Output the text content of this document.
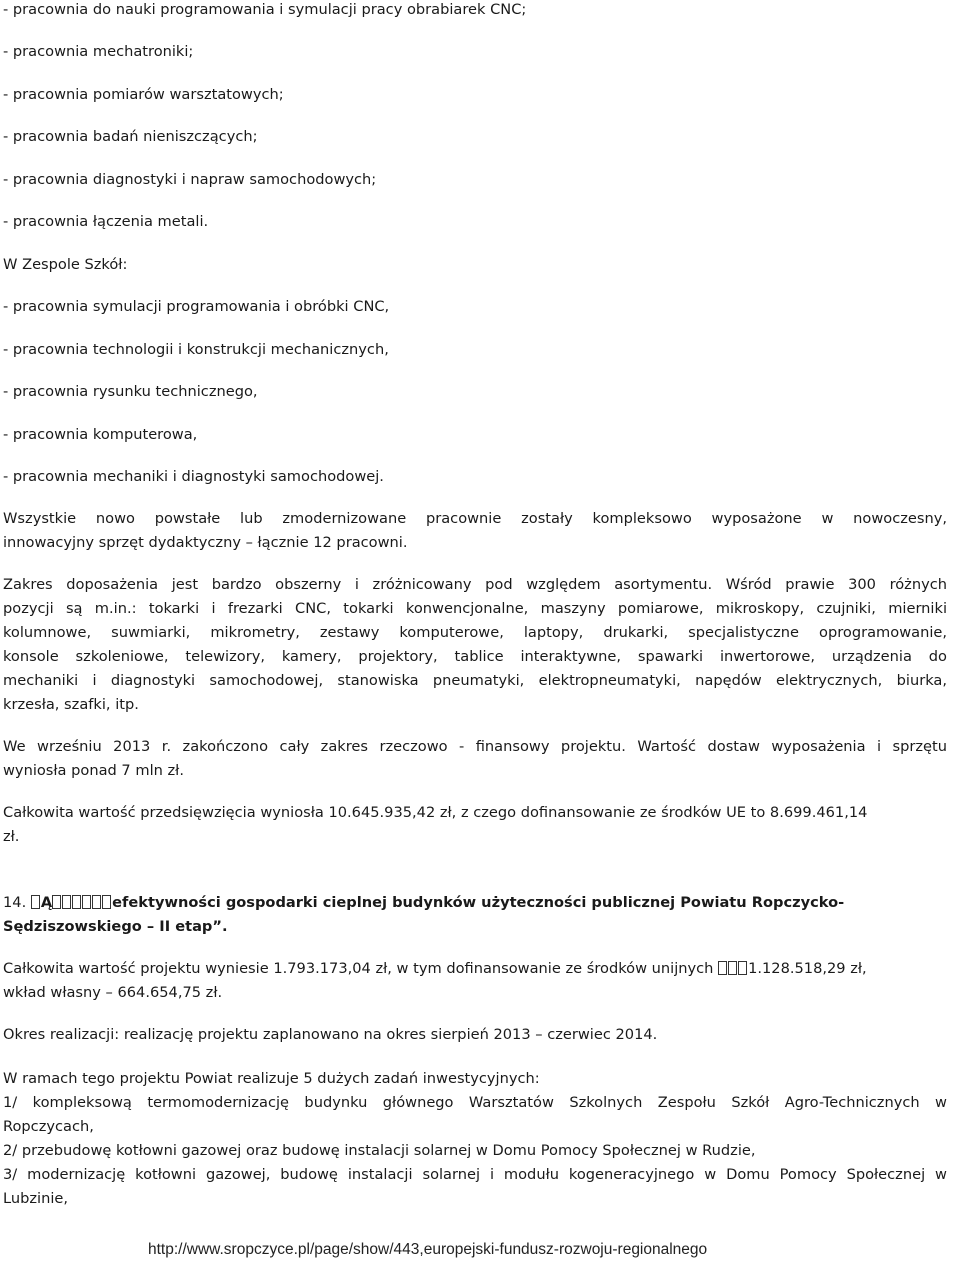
- pracownia do nauki programowania i symulacji pracy obrabiarek CNC;
- pracownia mechatroniki;
- pracownia pomiarów warsztatowych;
- pracownia badań nieniszczących;
- pracownia diagnostyki i napraw samochodowych;
- pracownia łączenia metali.
W Zespole Szkół:
- pracownia symulacji programowania i obróbki CNC,
- pracownia technologii i konstrukcji mechanicznych,
- pracownia rysunku technicznego,
- pracownia komputerowa,
- pracownia mechaniki i diagnostyki samochodowej.
Wszystkie nowo powstałe lub zmodernizowane pracownie zostały kompleksowo wyposażone w nowoczesny,
innowacyjny sprzęt dydaktyczny – łącznie 12 pracowni.
Zakres doposażenia jest bardzo obszerny i zróżnicowany pod względem asortymentu. Wśród prawie 300 różnych
pozycji są m.in.: tokarki i frezarki CNC, tokarki konwencjonalne, maszyny pomiarowe, mikroskopy, czujniki, mierniki
kolumnowe, suwmiarki, mikrometry, zestawy komputerowe, laptopy, drukarki, specjalistyczne oprogramowanie,
konsole szkoleniowe, telewizory, kamery, projektory, tablice interaktywne, spawarki inwertorowe, urządzenia do
mechaniki i diagnostyki samochodowej, stanowiska pneumatyki, elektropneumatyki, napędów elektrycznych, biurka,
krzesła, szafki, itp.
We wrześniu 2013 r. zakończono cały zakres rzeczowo - finansowy projektu. Wartość dostaw wyposażenia i sprzętu
wyniosła ponad 7 mln zł.
Całkowita wartość przedsięwzięcia wyniosła 10.645.935,42 zł, z czego dofinansowanie ze środków UE to 8.699.461,14
zł.
14. Ą	efektywności gospodarki cieplnej budynków użyteczności publicznej Powiatu Ropczycko-
Sędziszowskiego – II etap”.
Całkowita wartość projektu wyniesie 1.793.173,04 zł, w tym dofinansowanie ze środków unijnych 1.128.518,29 zł,
wkład własny – 664.654,75 zł.
Okres realizacji: realizację projektu zaplanowano na okres sierpień 2013 – czerwiec 2014.
W ramach tego projektu Powiat realizuje 5 dużych zadań inwestycyjnych:
1/ kompleksową termomodernizację budynku głównego Warsztatów Szkolnych Zespołu Szkół Agro-Technicznych w
Ropczycach,
2/ przebudowę kotłowni gazowej oraz budowę instalacji solarnej w Domu Pomocy Społecznej w Rudzie,
3/ modernizację kotłowni gazowej, budowę instalacji solarnej i modułu kogeneracyjnego w Domu Pomocy Społecznej w
Lubzinie,
http://www.sropczyce.pl/page/show/443,europejski-fundusz-rozwoju-regionalnego
